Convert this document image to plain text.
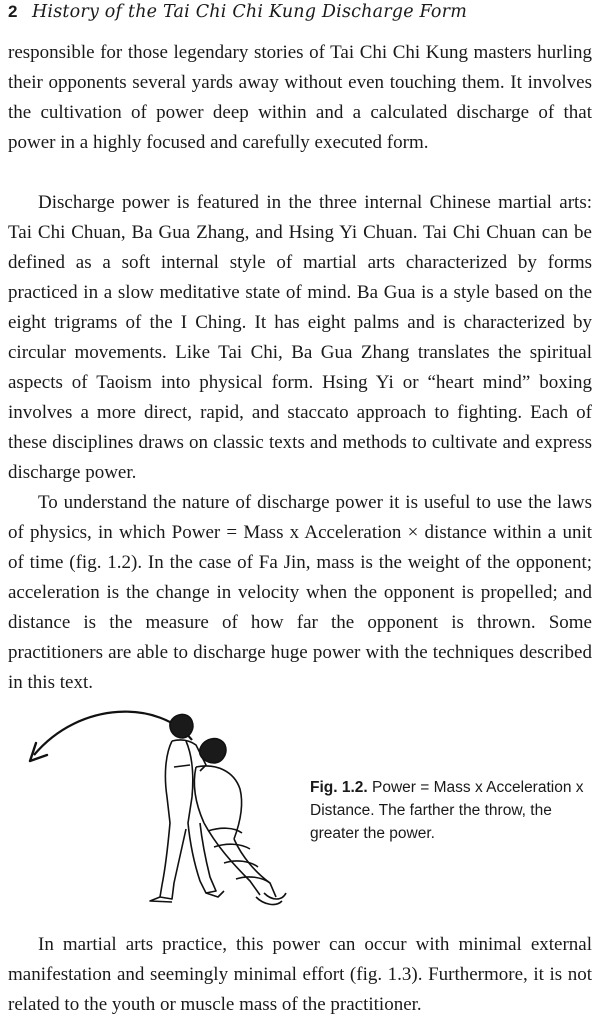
2 History of the Tai Chi Chi Kung Discharge Form

responsible for those legendary stories of Tai Chi Chi Kung masters hurling their opponents several yards away without even touching them. It involves the cultivation of power deep within and a calculated discharge of that power in a highly focused and carefully executed form.

Discharge power is featured in the three internal Chinese martial arts: Tai Chi Chuan, Ba Gua Zhang, and Hsing Yi Chuan. Tai Chi Chuan can be defined as a soft internal style of martial arts characterized by forms practiced in a slow meditative state of mind. Ba Gua is a style based on the eight trigrams of the I Ching. It has eight palms and is characterized by circular movements. Like Tai Chi, Ba Gua Zhang translates the spiritual aspects of Taoism into physical form. Hsing Yi or “heart mind” boxing involves a more direct, rapid, and staccato approach to fighting. Each of these disciplines draws on classic texts and methods to cultivate and express discharge power.

To understand the nature of discharge power it is useful to use the laws of physics, in which Power = Mass x Acceleration × distance within a unit of time (fig. 1.2). In the case of Fa Jin, mass is the weight of the opponent; acceleration is the change in velocity when the opponent is propelled; and distance is the measure of how far the opponent is thrown. Some practitioners are able to discharge huge power with the techniques described in this text.

Fig. 1.2. Power = Mass x Acceleration x Distance. The farther the throw, the greater the power.

In martial arts practice, this power can occur with minimal external manifestation and seemingly minimal effort (fig. 1.3). Furthermore, it is not related to the youth or muscle mass of the practitioner.
